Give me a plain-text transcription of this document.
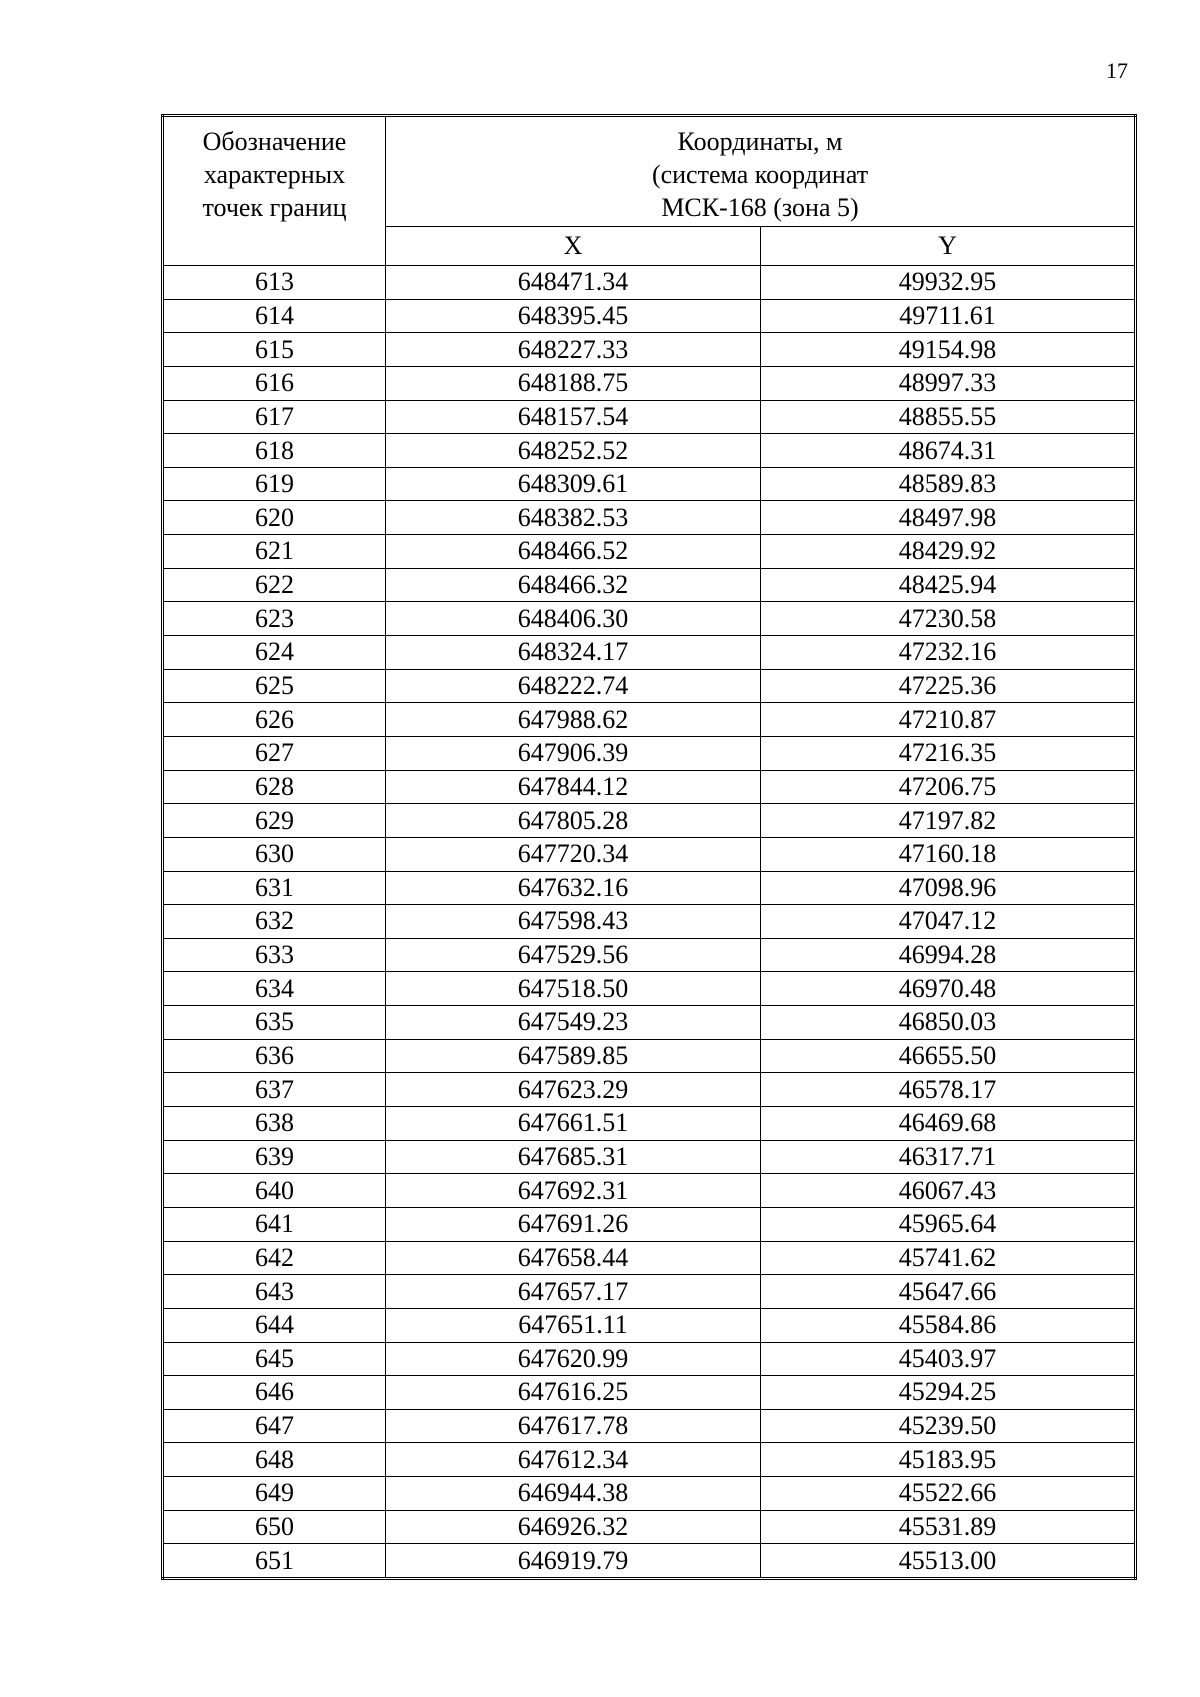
17
Обозначение
характерных
точек границ	Координаты, м
(система координат
МСК-168 (зона 5)	

	X	Y
613	648471.34	49932.95
614	648395.45	49711.61
615	648227.33	49154.98
616	648188.75	48997.33
617	648157.54	48855.55
618	648252.52	48674.31
619	648309.61	48589.83
620	648382.53	48497.98
621	648466.52	48429.92
622	648466.32	48425.94
623	648406.30	47230.58
624	648324.17	47232.16
625	648222.74	47225.36
626	647988.62	47210.87
627	647906.39	47216.35
628	647844.12	47206.75
629	647805.28	47197.82
630	647720.34	47160.18
631	647632.16	47098.96
632	647598.43	47047.12
633	647529.56	46994.28
634	647518.50	46970.48
635	647549.23	46850.03
636	647589.85	46655.50
637	647623.29	46578.17
638	647661.51	46469.68
639	647685.31	46317.71
640	647692.31	46067.43
641	647691.26	45965.64
642	647658.44	45741.62
643	647657.17	45647.66
644	647651.11	45584.86
645	647620.99	45403.97
646	647616.25	45294.25
647	647617.78	45239.50
648	647612.34	45183.95
649	646944.38	45522.66
650	646926.32	45531.89
651	646919.79	45513.00
